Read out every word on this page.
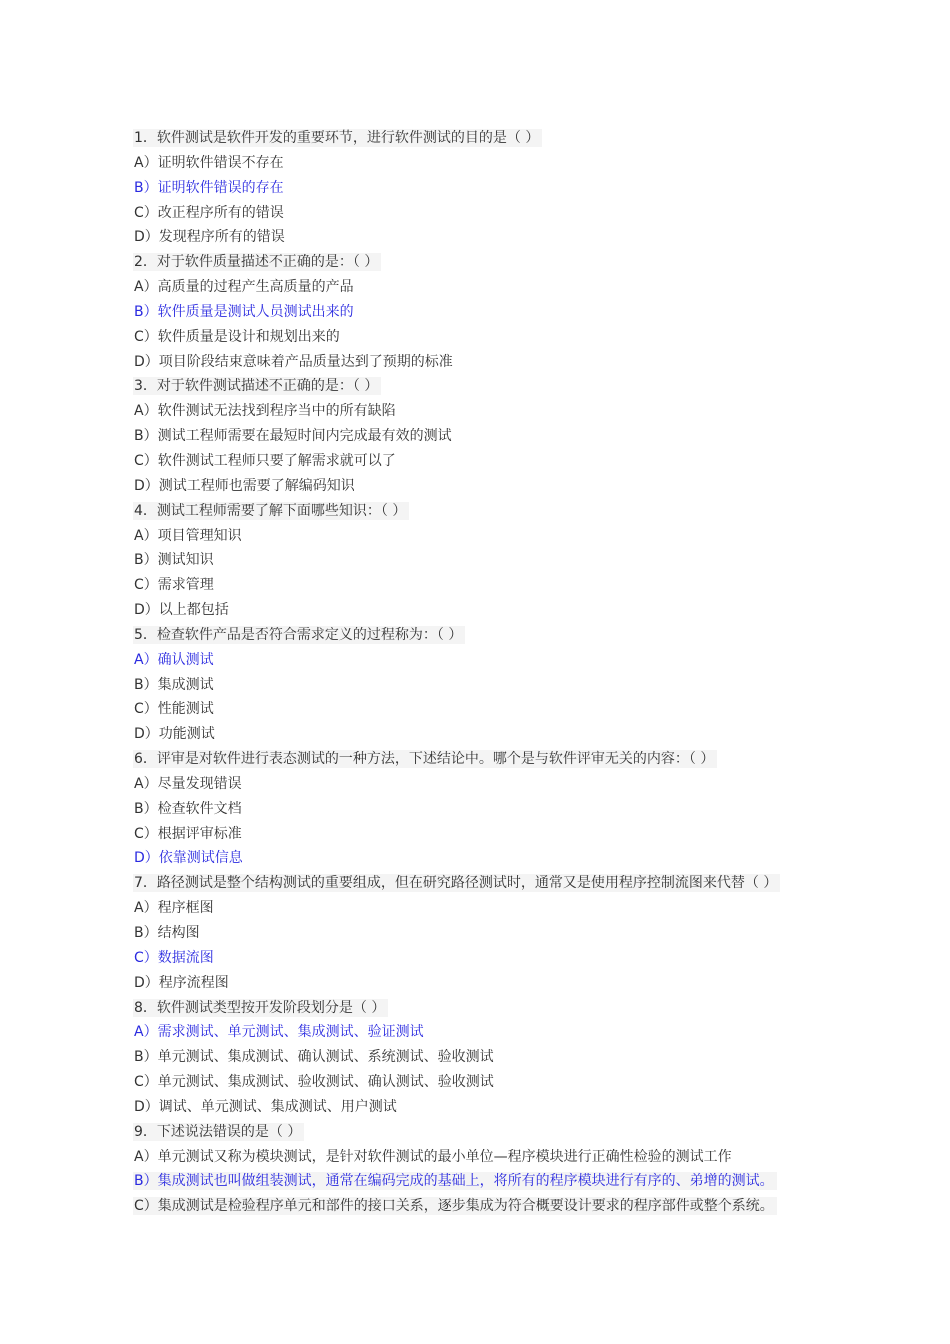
1．软件测试是软件开发的重要环节，进行软件测试的目的是（ ）
A）证明软件错误不存在
B）证明软件错误的存在
C）改正程序所有的错误
D）发现程序所有的错误
2．对于软件质量描述不正确的是：（ ）
A）高质量的过程产生高质量的产品
B）软件质量是测试人员测试出来的
C）软件质量是设计和规划出来的
D）项目阶段结束意味着产品质量达到了预期的标准
3．对于软件测试描述不正确的是：（ ）
A）软件测试无法找到程序当中的所有缺陷
B）测试工程师需要在最短时间内完成最有效的测试
C）软件测试工程师只要了解需求就可以了
D）测试工程师也需要了解编码知识
4．测试工程师需要了解下面哪些知识：（ ）
A）项目管理知识
B）测试知识
C）需求管理
D）以上都包括
5．检查软件产品是否符合需求定义的过程称为：（ ）
A）确认测试
B）集成测试
C）性能测试
D）功能测试
6．评审是对软件进行表态测试的一种方法，下述结论中。哪个是与软件评审无关的内容：（ ）
A）尽量发现错误
B）检查软件文档
C）根据评审标准
D）依靠测试信息
7．路径测试是整个结构测试的重要组成，但在研究路径测试时，通常又是使用程序控制流图来代替（ ）
A）程序框图
B）结构图
C）数据流图
D）程序流程图
8．软件测试类型按开发阶段划分是（ ）
A）需求测试、单元测试、集成测试、验证测试
B）单元测试、集成测试、确认测试、系统测试、验收测试
C）单元测试、集成测试、验收测试、确认测试、验收测试
D）调试、单元测试、集成测试、用户测试
9．下述说法错误的是（ ）
A）单元测试又称为模块测试，是针对软件测试的最小单位—程序模块进行正确性检验的测试工作
B）集成测试也叫做组装测试，通常在编码完成的基础上，将所有的程序模块进行有序的、弟增的测试。
C）集成测试是检验程序单元和部件的接口关系，逐步集成为符合概要设计要求的程序部件或整个系统。
